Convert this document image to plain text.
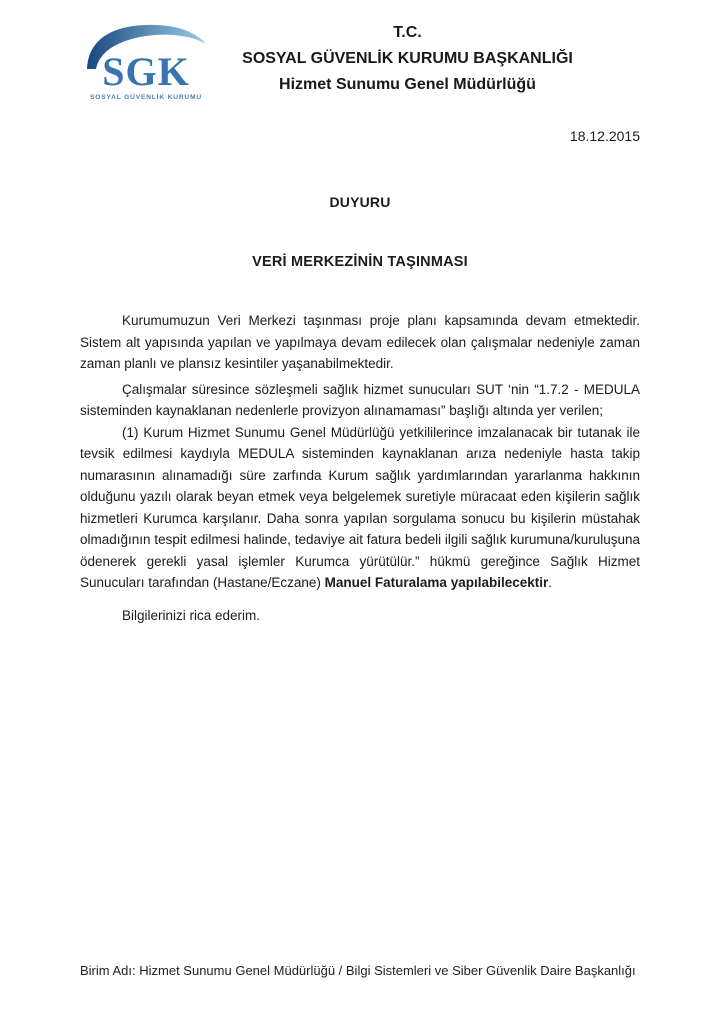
SGK
SOSYAL GÜVENLİK KURUMU
T.C.
SOSYAL GÜVENLİK KURUMU BAŞKANLIĞI
Hizmet Sunumu Genel Müdürlüğü
18.12.2015
DUYURU
VERİ MERKEZİNİN TAŞINMASI

Kurumumuzun Veri Merkezi taşınması proje planı kapsamında devam etmektedir. Sistem alt yapısında yapılan ve yapılmaya devam edilecek olan çalışmalar nedeniyle zaman zaman planlı ve plansız kesintiler yaşanabilmektedir.

Çalışmalar süresince sözleşmeli sağlık hizmet sunucuları SUT ‘nin “1.7.2 - MEDULA sisteminden kaynaklanan nedenlerle provizyon alınamaması” başlığı altında yer verilen;

(1) Kurum Hizmet Sunumu Genel Müdürlüğü yetkililerince imzalanacak bir tutanak ile tevsik edilmesi kaydıyla MEDULA sisteminden kaynaklanan arıza nedeniyle hasta takip numarasının alınamadığı süre zarfında Kurum sağlık yardımlarından yararlanma hakkının olduğunu yazılı olarak beyan etmek veya belgelemek suretiyle müracaat eden kişilerin sağlık hizmetleri Kurumca karşılanır. Daha sonra yapılan sorgulama sonucu bu kişilerin müstahak olmadığının tespit edilmesi halinde, tedaviye ait fatura bedeli ilgili sağlık kurumuna/kuruluşuna ödenerek gerekli yasal işlemler Kurumca yürütülür.” hükmü gereğince Sağlık Hizmet Sunucuları tarafından (Hastane/Eczane) Manuel Faturalama yapılabilecektir.

Bilgilerinizi rica ederim.

Birim Adı: Hizmet Sunumu Genel Müdürlüğü / Bilgi Sistemleri ve Siber Güvenlik Daire Başkanlığı
